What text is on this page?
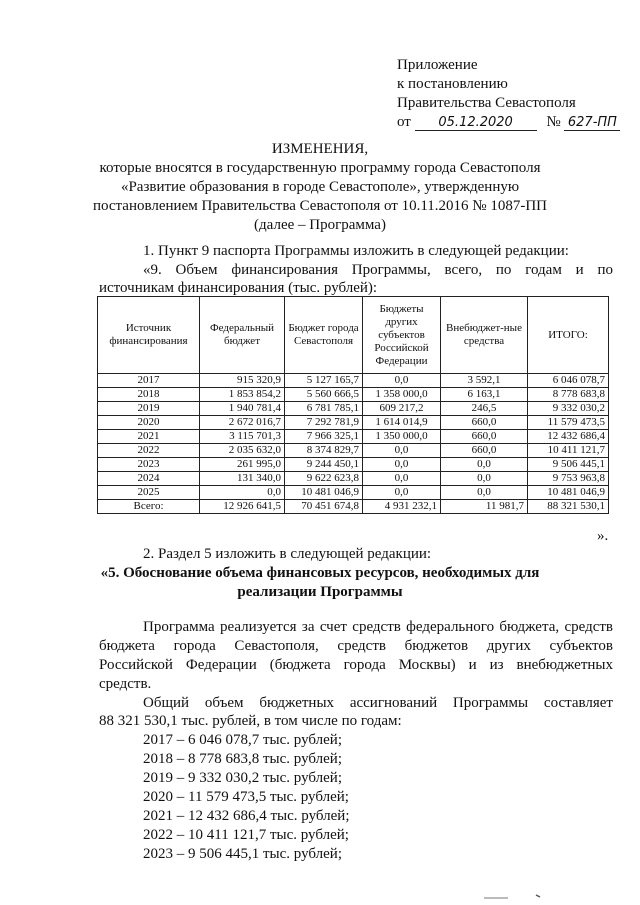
Приложение
к постановлению
Правительства Севастополя
от 05.12.2020 № 627-ПП
ИЗМЕНЕНИЯ,
которые вносятся в государственную программу города Севастополя
«Развитие образования в городе Севастополе», утвержденную
постановлением Правительства Севастополя от 10.11.2016 № 1087-ПП
(далее – Программа)
1. Пункт 9 паспорта Программы изложить в следующей редакции:
«9. Объем финансирования Программы, всего, по годам и по
источникам финансирования (тыс. рублей):
Источник финансирования	Федеральный бюджет	Бюджет города Севастополя	Бюджеты других субъектов Российской Федерации	Внебюджет-ные средства	ИТОГО:
2017	915 320,9	5 127 165,7	0,0	3 592,1	6 046 078,7
2018	1 853 854,2	5 560 666,5	1 358 000,0	6 163,1	8 778 683,8
2019	1 940 781,4	6 781 785,1	609 217,2	246,5	9 332 030,2
2020	2 672 016,7	7 292 781,9	1 614 014,9	660,0	11 579 473,5
2021	3 115 701,3	7 966 325,1	1 350 000,0	660,0	12 432 686,4
2022	2 035 632,0	8 374 829,7	0,0	660,0	10 411 121,7
2023	261 995,0	9 244 450,1	0,0	0,0	9 506 445,1
2024	131 340,0	9 622 623,8	0,0	0,0	9 753 963,8
2025	0,0	10 481 046,9	0,0	0,0	10 481 046,9
Всего:	12 926 641,5	70 451 674,8	4 931 232,1	11 981,7	88 321 530,1
».
2. Раздел 5 изложить в следующей редакции:
«5. Обоснование объема финансовых ресурсов, необходимых для
реализации Программы
Программа реализуется за счет средств федерального бюджета, средств
бюджета города Севастополя, средств бюджетов других субъектов
Российской Федерации (бюджета города Москвы) и из внебюджетных
средств.
Общий объем бюджетных ассигнований Программы составляет
88 321 530,1 тыс. рублей, в том числе по годам:
2017 – 6 046 078,7 тыс. рублей;
2018 – 8 778 683,8 тыс. рублей;
2019 – 9 332 030,2 тыс. рублей;
2020 – 11 579 473,5 тыс. рублей;
2021 – 12 432 686,4 тыс. рублей;
2022 – 10 411 121,7 тыс. рублей;
2023 – 9 506 445,1 тыс. рублей;
